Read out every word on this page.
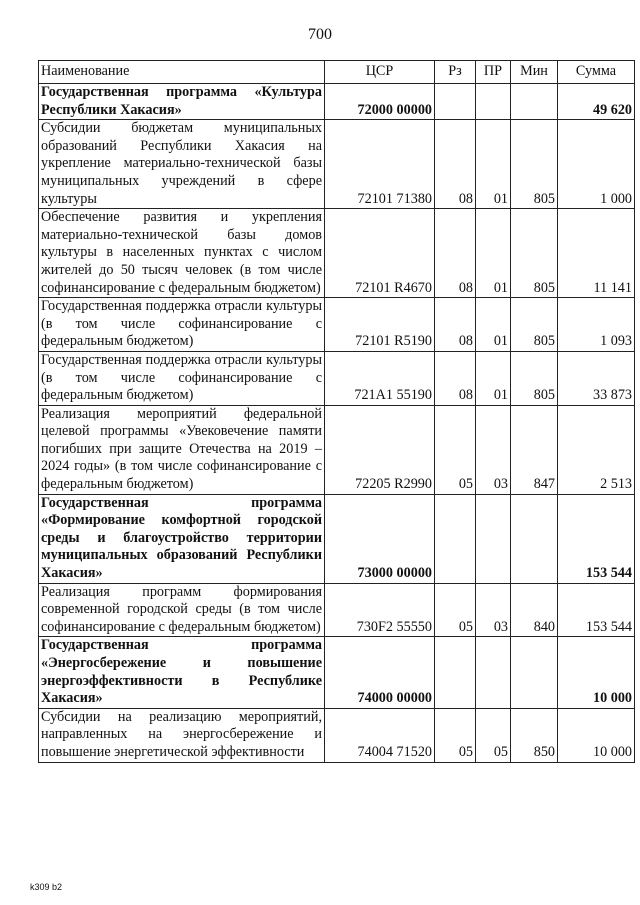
700
Наименование	ЦСР	Рз	ПР	Мин	Сумма
Государственная программа «Культура Республики Хакасия»	72000 00000				49 620
Субсидии бюджетам муниципальных образований Республики Хакасия на укрепление материально-технической базы муниципальных учреждений в сфере культуры	72101 71380	08	01	805	1 000
Обеспечение развития и укрепления материально-технической базы домов культуры в населенных пунктах с числом жителей до 50 тысяч человек (в том числе софинансирование с федеральным бюджетом)	72101 R4670	08	01	805	11 141
Государственная поддержка отрасли культуры (в том числе софинансирование с федеральным бюджетом)	72101 R5190	08	01	805	1 093
Государственная поддержка отрасли культуры (в том числе софинансирование с федеральным бюджетом)	721A1 55190	08	01	805	33 873
Реализация мероприятий федеральной целевой программы «Увековечение памяти погибших при защите Отечества на 2019 – 2024 годы» (в том числе софинансирование с федеральным бюджетом)	72205 R2990	05	03	847	2 513
Государственная программа «Формирование комфортной городской среды и благоустройство территории муниципальных образований Республики Хакасия»	73000 00000				153 544
Реализация программ формирования современной городской среды (в том числе софинансирование с федеральным бюджетом)	730F2 55550	05	03	840	153 544
Государственная программа «Энергосбережение и повышение энергоэффективности в Республике Хакасия»	74000 00000				10 000
Субсидии на реализацию мероприятий, направленных на энергосбережение и повышение энергетической эффективности	74004 71520	05	05	850	10 000
k309 b2
